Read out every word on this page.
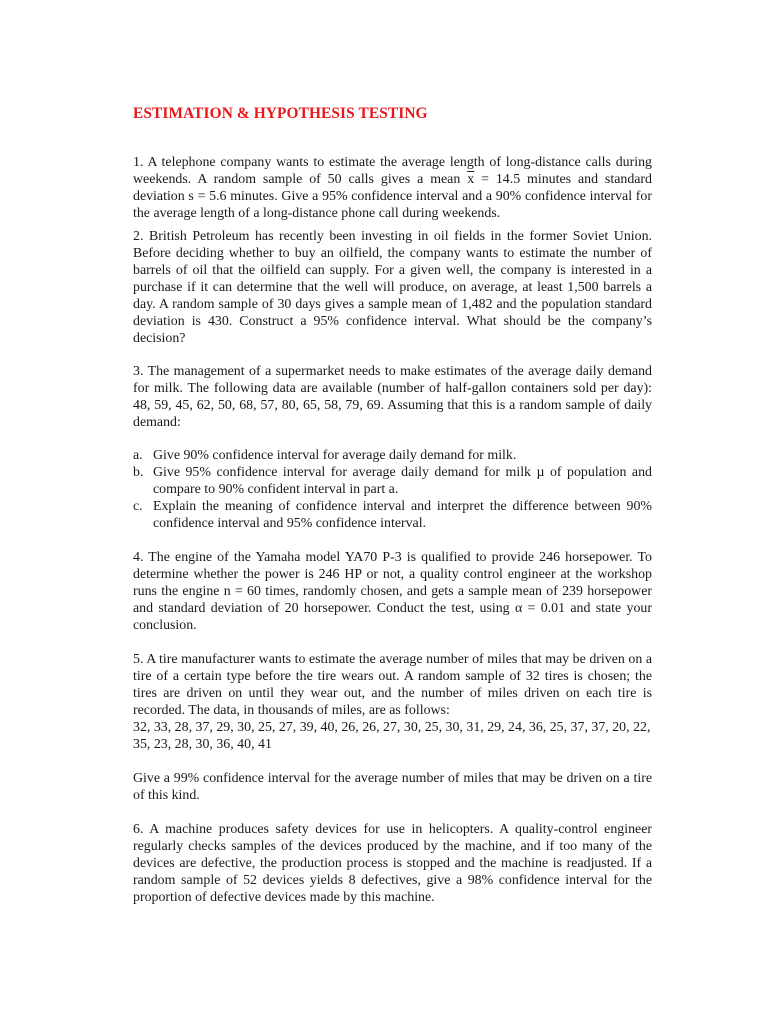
ESTIMATION & HYPOTHESIS TESTING

1. A telephone company wants to estimate the average length of long-distance calls during weekends. A random sample of 50 calls gives a mean $\overline{x} = 14.5$ minutes and standard deviation s = 5.6 minutes. Give a 95% confidence interval and a 90% confidence interval for the average length of a long-distance phone call during weekends.

2. British Petroleum has recently been investing in oil fields in the former Soviet Union. Before deciding whether to buy an oilfield, the company wants to estimate the number of barrels of oil that the oilfield can supply. For a given well, the company is interested in a purchase if it can determine that the well will produce, on average, at least 1,500 barrels a day. A random sample of 30 days gives a sample mean of 1,482 and the population standard deviation is 430. Construct a 95% confidence interval. What should be the company’s decision?

3. The management of a supermarket needs to make estimates of the average daily demand for milk. The following data are available (number of half-gallon containers sold per day): 48, 59, 45, 62, 50, 68, 57, 80, 65, 58, 79, 69. Assuming that this is a random sample of daily demand:

a. Give 90% confidence interval for average daily demand for milk.
b. Give 95% confidence interval for average daily demand for milk µ of population and compare to 90% confident interval in part a.
c. Explain the meaning of confidence interval and interpret the difference between 90% confidence interval and 95% confidence interval.

4. The engine of the Yamaha model YA70 P-3 is qualified to provide 246 horsepower. To determine whether the power is 246 HP or not, a quality control engineer at the workshop runs the engine n = 60 times, randomly chosen, and gets a sample mean of 239 horsepower and standard deviation of 20 horsepower. Conduct the test, using α = 0.01 and state your conclusion.

5. A tire manufacturer wants to estimate the average number of miles that may be driven on a tire of a certain type before the tire wears out. A random sample of 32 tires is chosen; the tires are driven on until they wear out, and the number of miles driven on each tire is recorded. The data, in thousands of miles, are as follows:

32, 33, 28, 37, 29, 30, 25, 27, 39, 40, 26, 26, 27, 30, 25, 30, 31, 29, 24, 36, 25, 37, 37, 20, 22, 35, 23, 28, 30, 36, 40, 41

Give a 99% confidence interval for the average number of miles that may be driven on a tire of this kind.

6. A machine produces safety devices for use in helicopters. A quality-control engineer regularly checks samples of the devices produced by the machine, and if too many of the devices are defective, the production process is stopped and the machine is readjusted. If a random sample of 52 devices yields 8 defectives, give a 98% confidence interval for the proportion of defective devices made by this machine.
